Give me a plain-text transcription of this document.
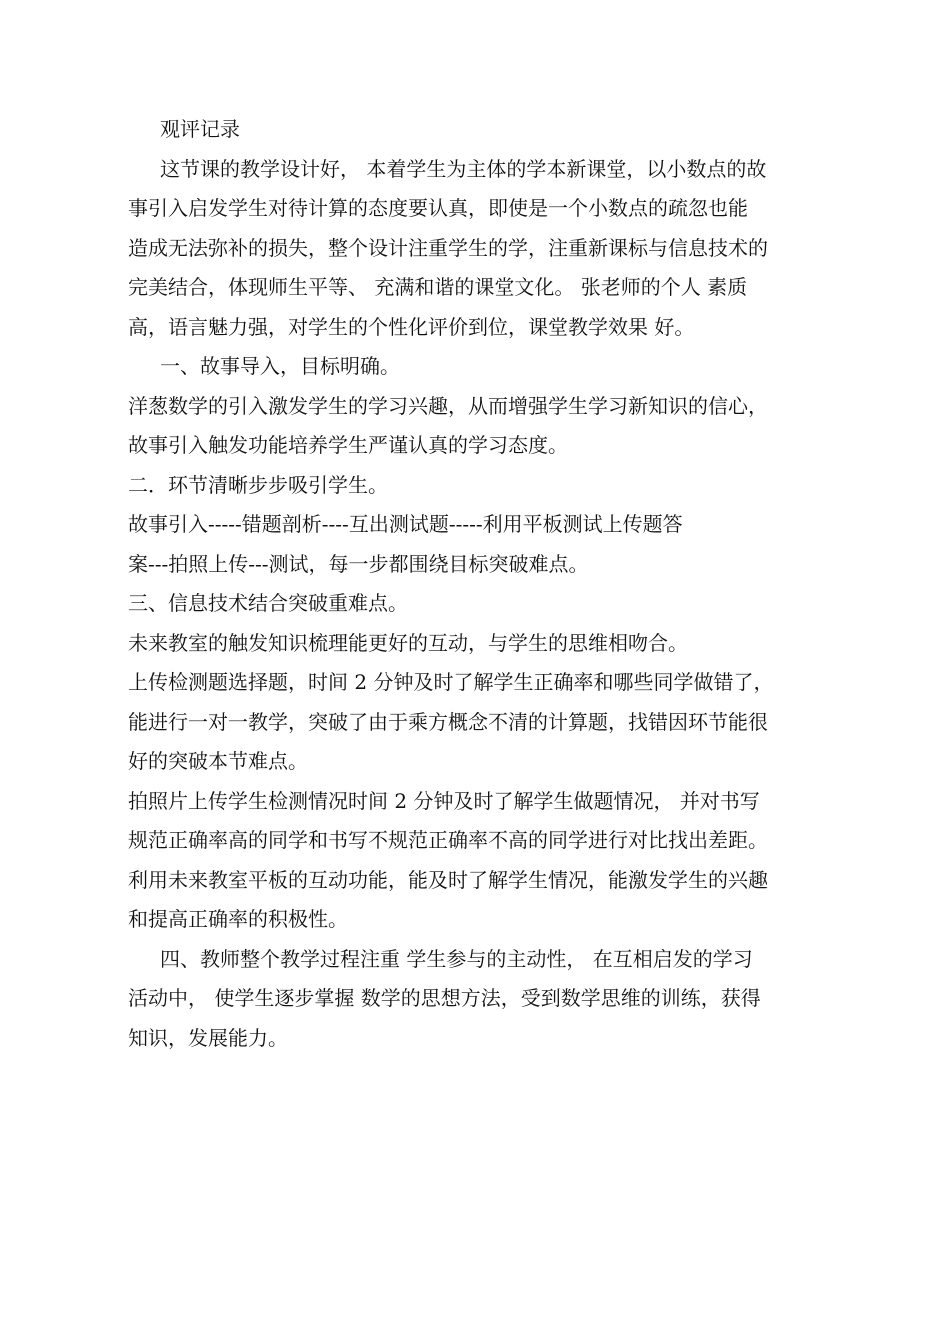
观评记录
这节课的教学设计好， 本着学生为主体的学本新课堂，以小数点的故
事引入启发学生对待计算的态度要认真，即使是一个小数点的疏忽也能
造成无法弥补的损失，整个设计注重学生的学，注重新课标与信息技术的
完美结合，体现师生平等、 充满和谐的课堂文化。 张老师的个人 素质
高，语言魅力强，对学生的个性化评价到位，课堂教学效果 好。
一、故事导入，目标明确。
洋葱数学的引入激发学生的学习兴趣，从而增强学生学习新知识的信心，
故事引入触发功能培养学生严谨认真的学习态度。
二．环节清晰步步吸引学生。
故事引入-----错题剖析----互出测试题-----利用平板测试上传题答
案---拍照上传---测试，每一步都围绕目标突破难点。
三、信息技术结合突破重难点。
未来教室的触发知识梳理能更好的互动，与学生的思维相吻合。
上传检测题选择题，时间 2 分钟及时了解学生正确率和哪些同学做错了，
能进行一对一教学，突破了由于乘方概念不清的计算题，找错因环节能很
好的突破本节难点。
拍照片上传学生检测情况时间 2 分钟及时了解学生做题情况， 并对书写
规范正确率高的同学和书写不规范正确率不高的同学进行对比找出差距。
利用未来教室平板的互动功能，能及时了解学生情况，能激发学生的兴趣
和提高正确率的积极性。
四、教师整个教学过程注重 学生参与的主动性， 在互相启发的学习
活动中， 使学生逐步掌握 数学的思想方法，受到数学思维的训练，获得
知识，发展能力。
